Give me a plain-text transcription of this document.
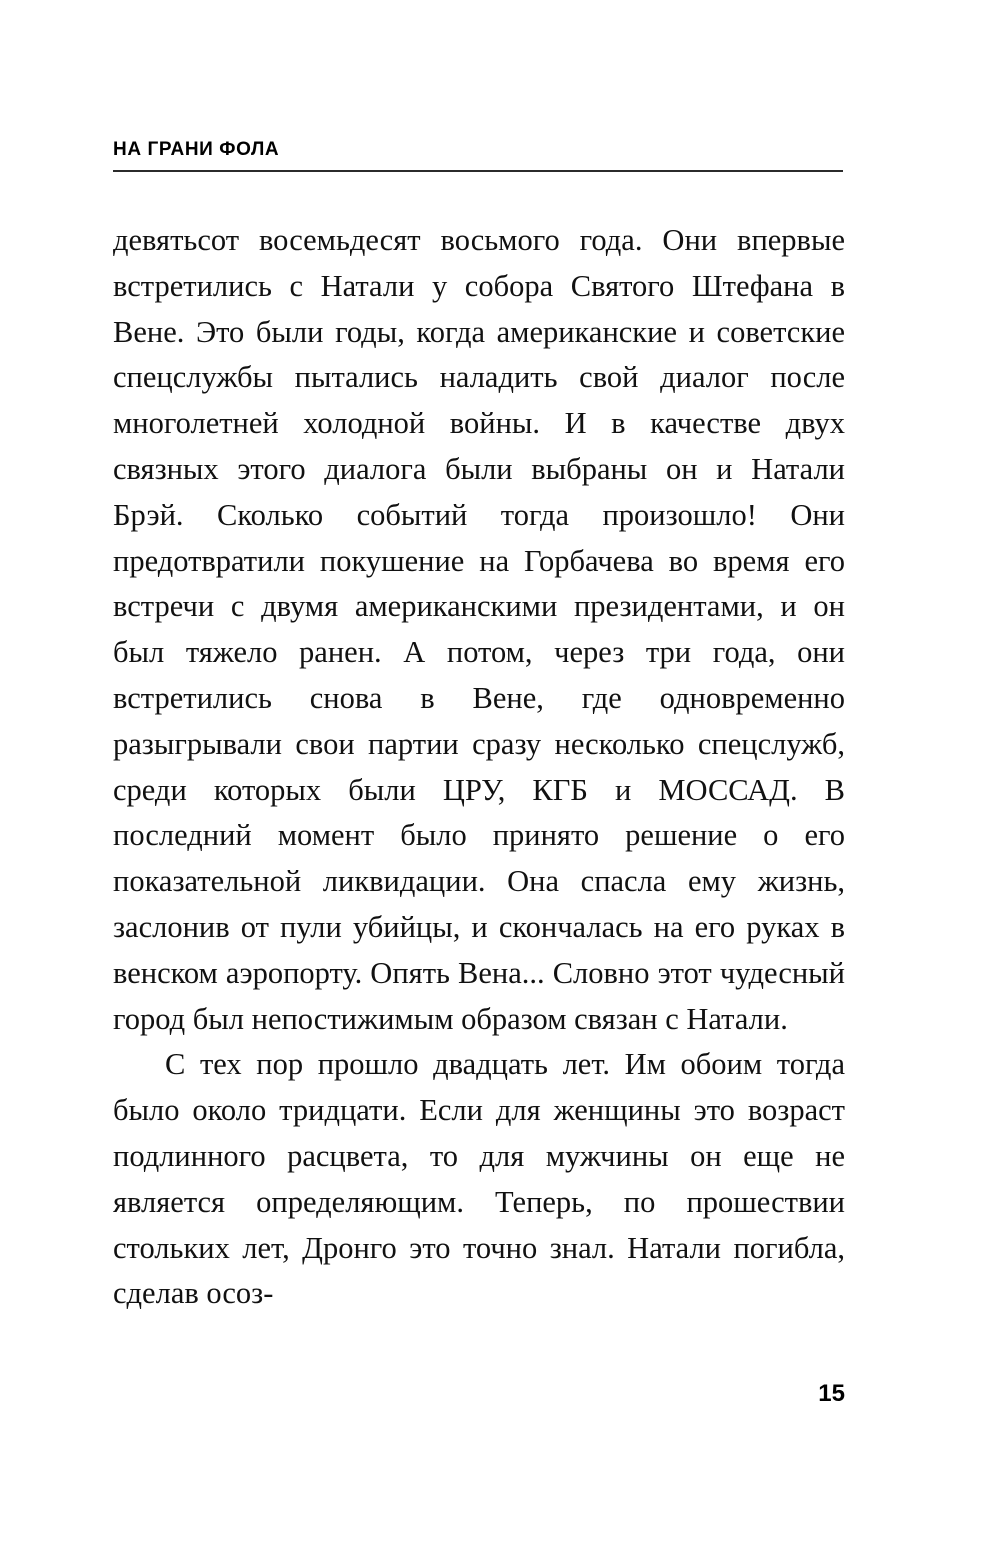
НА ГРАНИ ФОЛА

девятьсот восемьдесят восьмого года. Они впервые встретились с Натали у собора Святого Штефана в Вене. Это были годы, когда американские и советские спецслужбы пытались наладить свой диалог после многолетней холодной войны. И в качестве двух связных этого диалога были выбраны он и Натали Брэй. Сколько событий тогда произошло! Они предотвратили покушение на Горбачева во время его встречи с двумя американскими президентами, и он был тяжело ранен. А потом, через три года, они встретились снова в Вене, где одновременно разыгрывали свои партии сразу несколько спецслужб, среди которых были ЦРУ, КГБ и МОССАД. В последний момент было принято решение о его показательной ликвидации. Она спасла ему жизнь, заслонив от пули убийцы, и скончалась на его руках в венском аэропорту. Опять Вена... Словно этот чудесный город был непостижимым образом связан с Натали.

С тех пор прошло двадцать лет. Им обоим тогда было около тридцати. Если для женщины это возраст подлинного расцвета, то для мужчины он еще не является определяющим. Теперь, по прошествии стольких лет, Дронго это точно знал. Натали погибла, сделав осоз-

15
